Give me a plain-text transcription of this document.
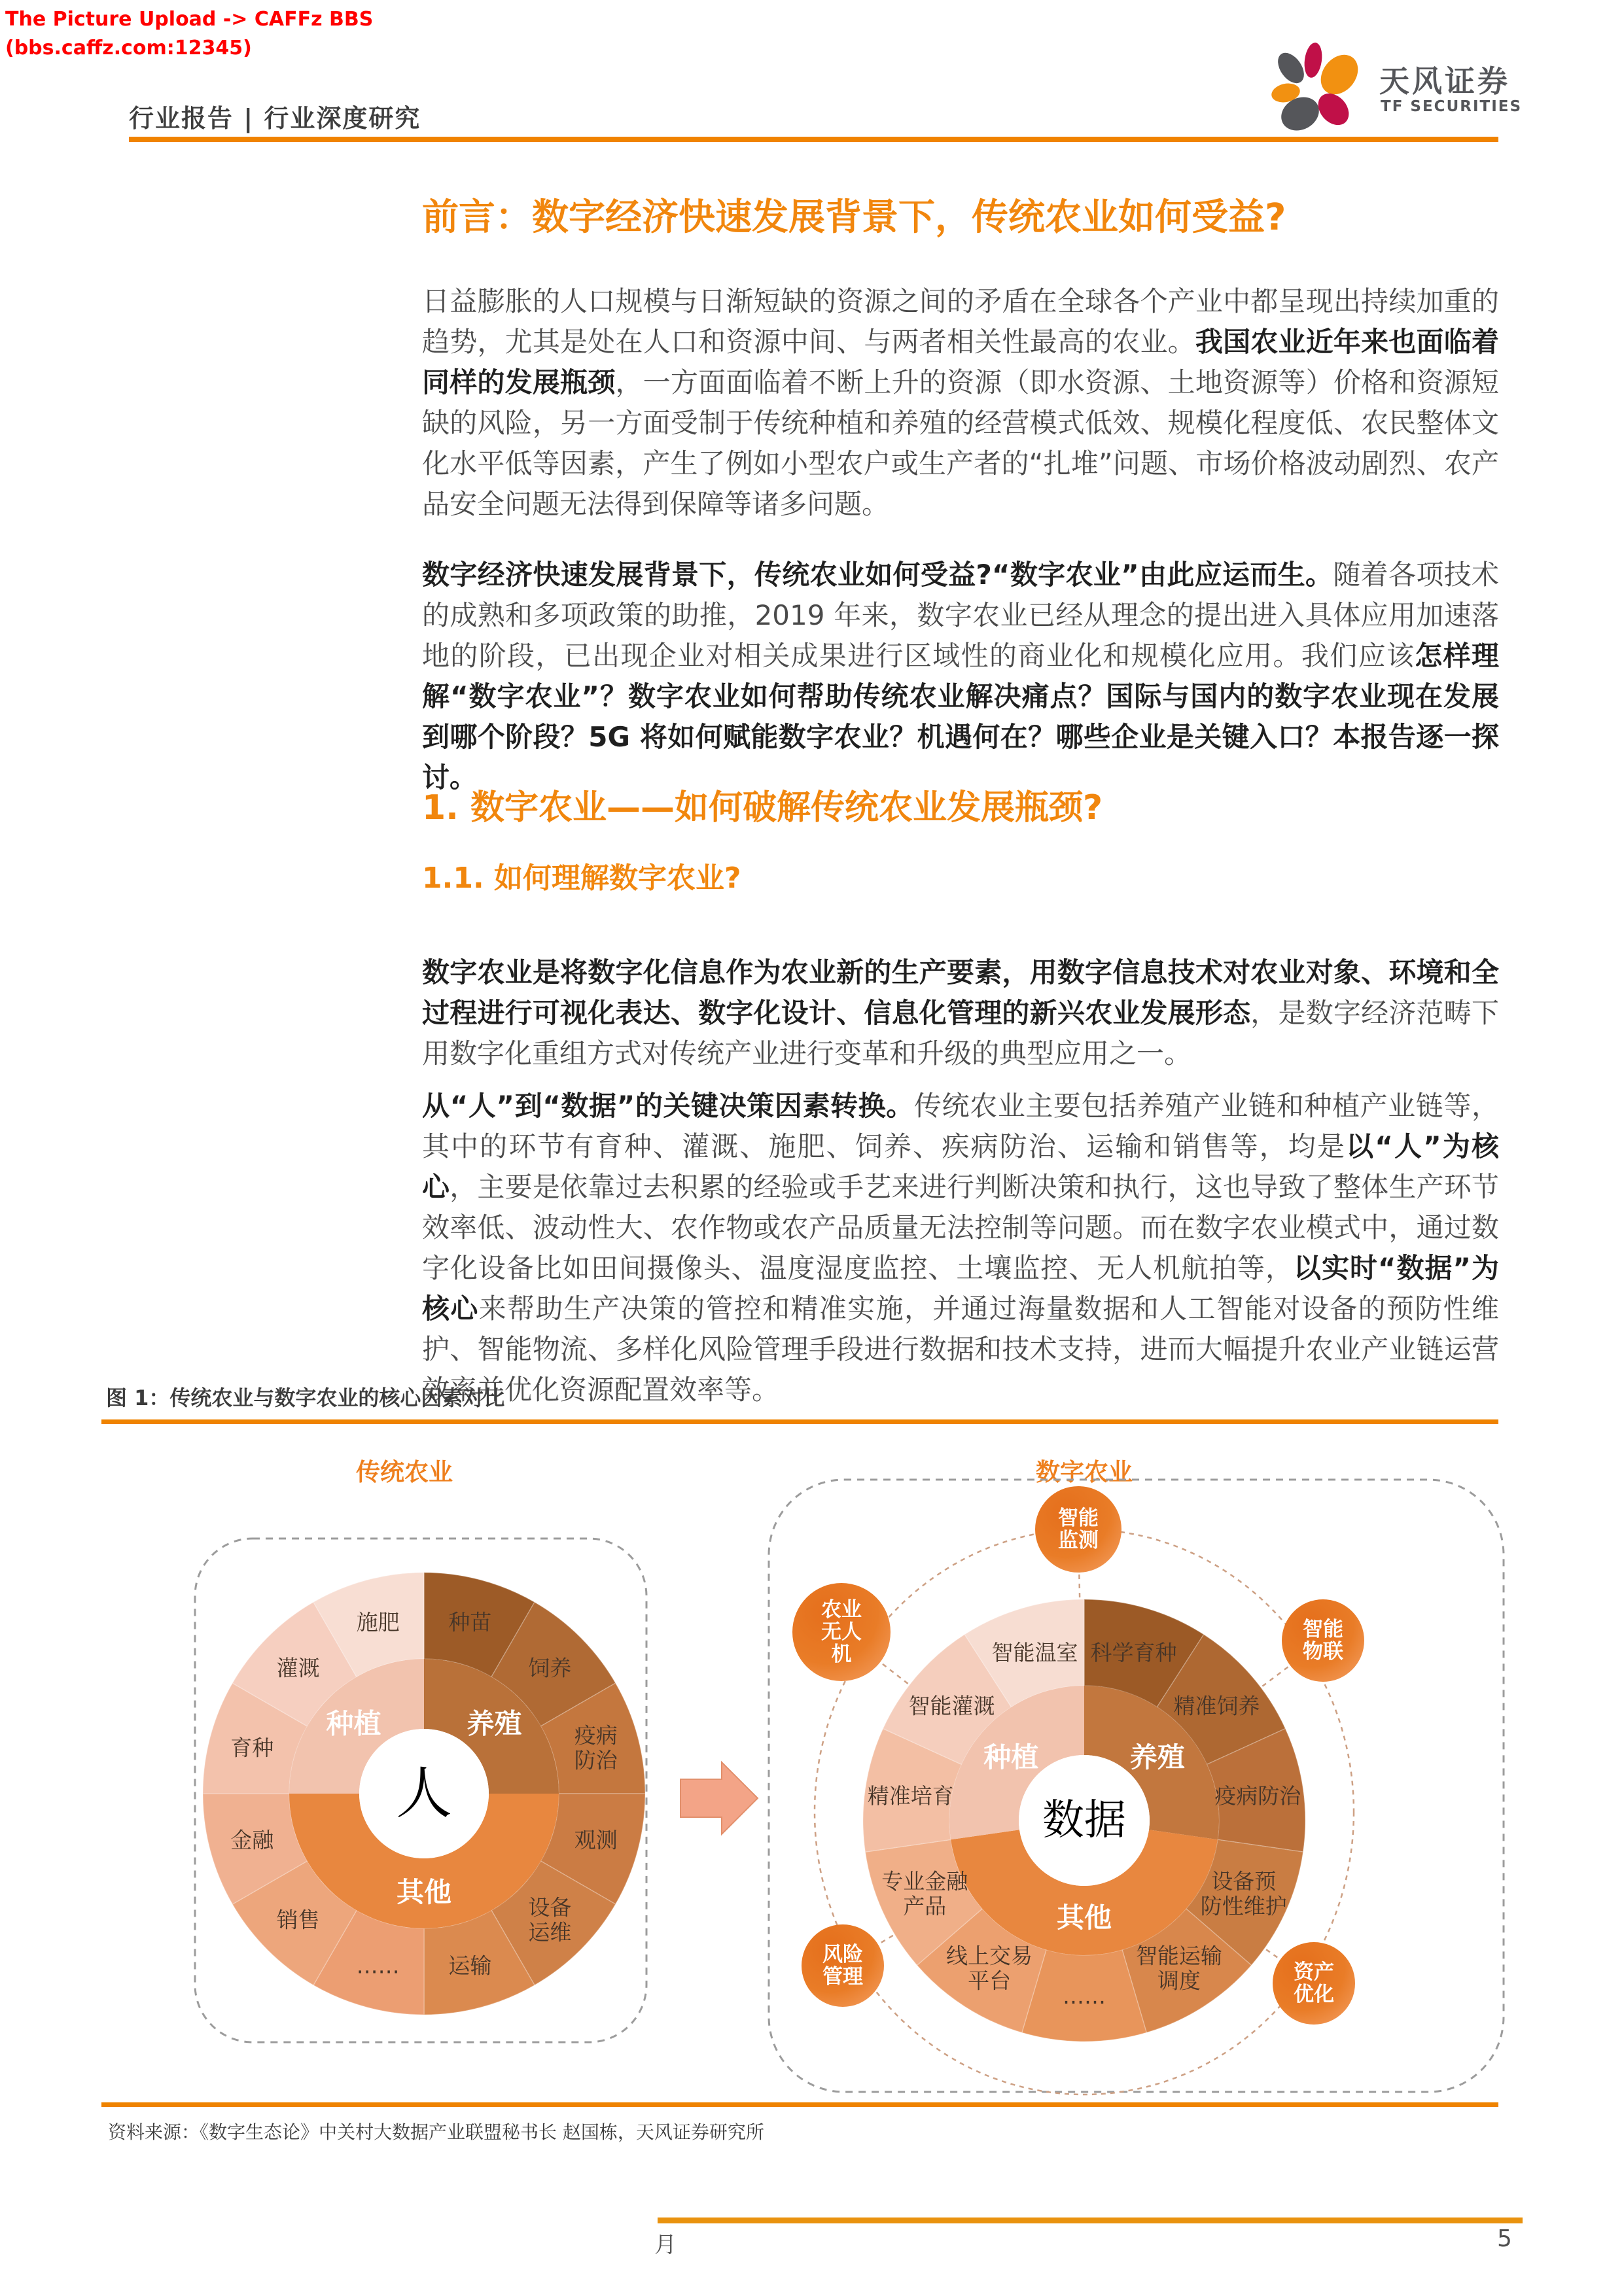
The Picture Upload -> CAFFz BBS
(bbs.caffz.com:12345)
行业报告 | 行业深度研究
天风证券
TF SECURITIES
前言：数字经济快速发展背景下，传统农业如何受益?

日益膨胀的人口规模与日渐短缺的资源之间的矛盾在全球各个产业中都呈现出持续加重的趋势，尤其是处在人口和资源中间、与两者相关性最高的农业。我国农业近年来也面临着同样的发展瓶颈，一方面面临着不断上升的资源（即水资源、土地资源等）价格和资源短缺的风险，另一方面受制于传统种植和养殖的经营模式低效、规模化程度低、农民整体文化水平低等因素，产生了例如小型农户或生产者的“扎堆”问题、市场价格波动剧烈、农产品安全问题无法得到保障等诸多问题。

数字经济快速发展背景下，传统农业如何受益?“数字农业”由此应运而生。随着各项技术的成熟和多项政策的助推，2019 年来，数字农业已经从理念的提出进入具体应用加速落地的阶段，已出现企业对相关成果进行区域性的商业化和规模化应用。我们应该怎样理解“数字农业”？数字农业如何帮助传统农业解决痛点？国际与国内的数字农业现在发展到哪个阶段？5G 将如何赋能数字农业？机遇何在？哪些企业是关键入口？本报告逐一探讨。

1. 数字农业——如何破解传统农业发展瓶颈?
1.1. 如何理解数字农业?

数字农业是将数字化信息作为农业新的生产要素，用数字信息技术对农业对象、环境和全过程进行可视化表达、数字化设计、信息化管理的新兴农业发展形态，是数字经济范畴下用数字化重组方式对传统产业进行变革和升级的典型应用之一。

从“人”到“数据”的关键决策因素转换。传统农业主要包括养殖产业链和种植产业链等，其中的环节有育种、灌溉、施肥、饲养、疾病防治、运输和销售等，均是以“人”为核心，主要是依靠过去积累的经验或手艺来进行判断决策和执行，这也导致了整体生产环节效率低、波动性大、农作物或农产品质量无法控制等问题。而在数字农业模式中，通过数字化设备比如田间摄像头、温度湿度监控、土壤监控、无人机航拍等，以实时“数据”为核心来帮助生产决策的管控和精准实施，并通过海量数据和人工智能对设备的预防性维护、智能物流、多样化风险管理手段进行数据和技术支持，进而大幅提升农业产业链运营效率并优化资源配置效率等。

图 1：传统农业与数字农业的核心因素对比
传统农业	数字农业
种苗
饲养
疫病防治
观测
设备运维
运输
……
销售
金融
育种
灌溉
施肥
养殖
其他
种植
人
科学育种
精准饲养
疫病防治
设备预防性维护
智能运输调度
……
线上交易平台
专业金融产品
精准培育
智能灌溉
智能温室
养殖
其他
种植
数据
智能监测
智能物联
资产优化
风险管理
农业无人机
资料来源：《数字生态论》中关村大数据产业联盟秘书长 赵国栋，天风证券研究所
月	5
